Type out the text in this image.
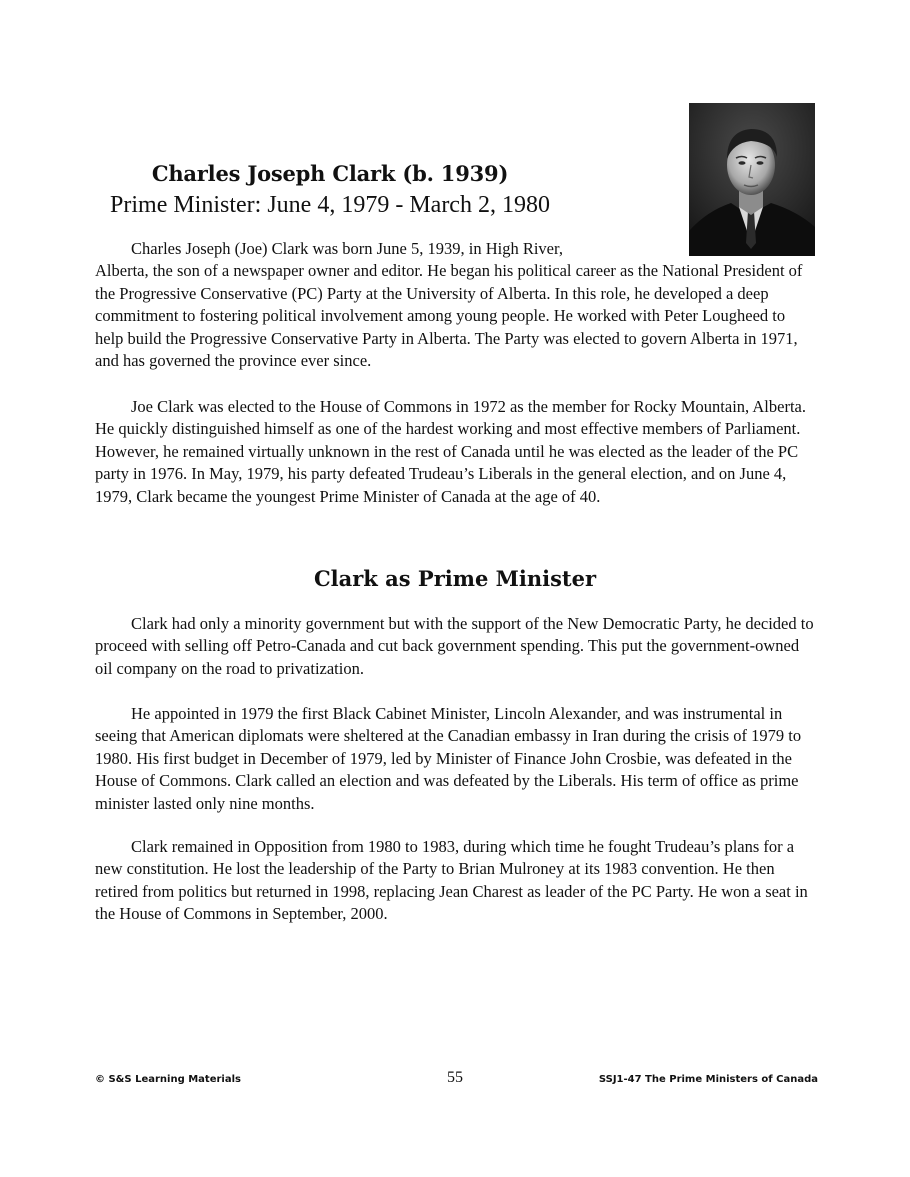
Charles Joseph Clark (b. 1939)
Prime Minister: June 4, 1979 - March 2, 1980

Charles Joseph (Joe) Clark was born June 5, 1939, in High River,
Alberta, the son of a newspaper owner and editor. He began his political career as the National President of the Progressive Conservative (PC) Party at the University of Alberta. In this role, he developed a deep commitment to fostering political involvement among young people. He worked with Peter Lougheed to help build the Progressive Conservative Party in Alberta. The Party was elected to govern Alberta in 1971, and has governed the province ever since.

Joe Clark was elected to the House of Commons in 1972 as the member for Rocky Mountain, Alberta. He quickly distinguished himself as one of the hardest working and most effective members of Parliament. However, he remained virtually unknown in the rest of Canada until he was elected as the leader of the PC party in 1976. In May, 1979, his party defeated Trudeau’s Liberals in the general election, and on June 4, 1979, Clark became the youngest Prime Minister of Canada at the age of 40.

Clark as Prime Minister

Clark had only a minority government but with the support of the New Democratic Party, he decided to proceed with selling off Petro-Canada and cut back government spending. This put the government-owned oil company on the road to privatization.

He appointed in 1979 the first Black Cabinet Minister, Lincoln Alexander, and was instrumental in seeing that American diplomats were sheltered at the Canadian embassy in Iran during the crisis of 1979 to 1980. His first budget in December of 1979, led by Minister of Finance John Crosbie, was defeated in the House of Commons. Clark called an election and was defeated by the Liberals. His term of office as prime minister lasted only nine months.

Clark remained in Opposition from 1980 to 1983, during which time he fought Trudeau’s plans for a new constitution. He lost the leadership of the Party to Brian Mulroney at its 1983 convention. He then retired from politics but returned in 1998, replacing Jean Charest as leader of the PC Party. He won a seat in the House of Commons in September, 2000.

© S&S Learning Materials	55	SSJ1-47 The Prime Ministers of Canada
